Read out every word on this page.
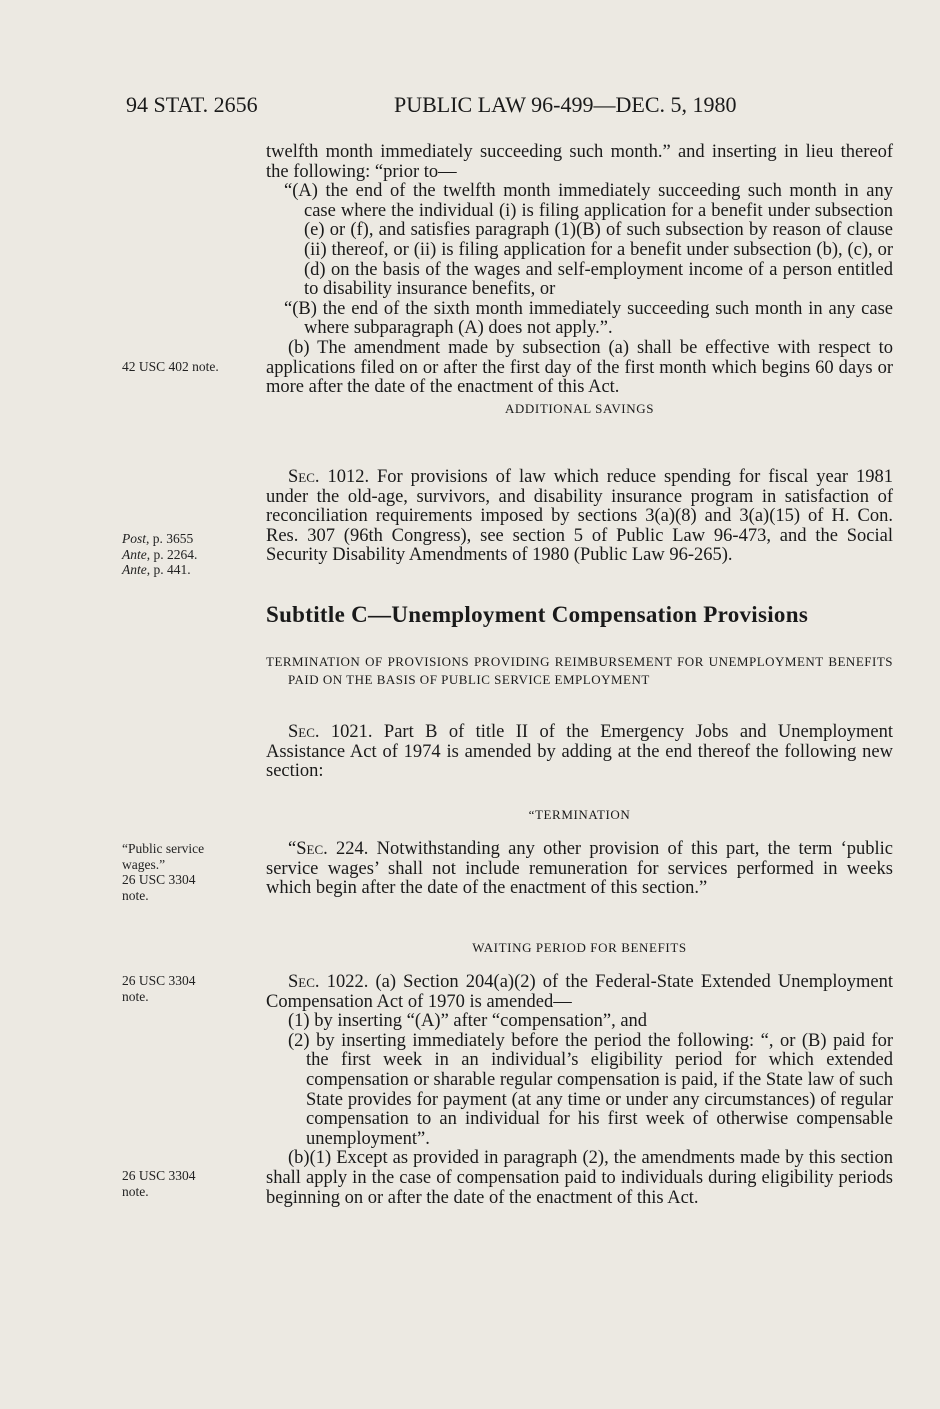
94 STAT. 2656	PUBLIC LAW 96-499—DEC. 5, 1980

twelfth month immediately succeeding such month.” and inserting in lieu thereof the following: “prior to—

“(A) the end of the twelfth month immediately succeeding such month in any case where the individual (i) is filing application for a benefit under subsection (e) or (f), and satisfies paragraph (1)(B) of such subsection by reason of clause (ii) thereof, or (ii) is filing application for a benefit under subsection (b), (c), or (d) on the basis of the wages and self-employment income of a person entitled to disability insurance benefits, or

“(B) the end of the sixth month immediately succeeding such month in any case where subparagraph (A) does not apply.”.

(b) The amendment made by subsection (a) shall be effective with respect to applications filed on or after the first day of the first month which begins 60 days or more after the date of the enactment of this Act.

ADDITIONAL SAVINGS

Sec. 1012. For provisions of law which reduce spending for fiscal year 1981 under the old-age, survivors, and disability insurance program in satisfaction of reconciliation requirements imposed by sections 3(a)(8) and 3(a)(15) of H. Con. Res. 307 (96th Congress), see section 5 of Public Law 96-473, and the Social Security Disability Amendments of 1980 (Public Law 96-265).

Subtitle C—Unemployment Compensation Provisions

TERMINATION OF PROVISIONS PROVIDING REIMBURSEMENT FOR UNEMPLOYMENT BENEFITS PAID ON THE BASIS OF PUBLIC SERVICE EMPLOYMENT

Sec. 1021. Part B of title II of the Emergency Jobs and Unemployment Assistance Act of 1974 is amended by adding at the end thereof the following new section:

“TERMINATION

“Sec. 224. Notwithstanding any other provision of this part, the term ‘public service wages’ shall not include remuneration for services performed in weeks which begin after the date of the enactment of this section.”

WAITING PERIOD FOR BENEFITS

Sec. 1022. (a) Section 204(a)(2) of the Federal-State Extended Unemployment Compensation Act of 1970 is amended—

(1) by inserting “(A)” after “compensation”, and

(2) by inserting immediately before the period the following: “, or (B) paid for the first week in an individual’s eligibility period for which extended compensation or sharable regular compensation is paid, if the State law of such State provides for payment (at any time or under any circumstances) of regular compensation to an individual for his first week of otherwise compensable unemployment”.

(b)(1) Except as provided in paragraph (2), the amendments made by this section shall apply in the case of compensation paid to individuals during eligibility periods beginning on or after the date of the enactment of this Act.

42 USC 402 note.
Post, p. 3655
Ante, p. 2264.
Ante, p. 441.
“Public service
wages.”
26 USC 3304
note.
26 USC 3304
note.
26 USC 3304
note.
